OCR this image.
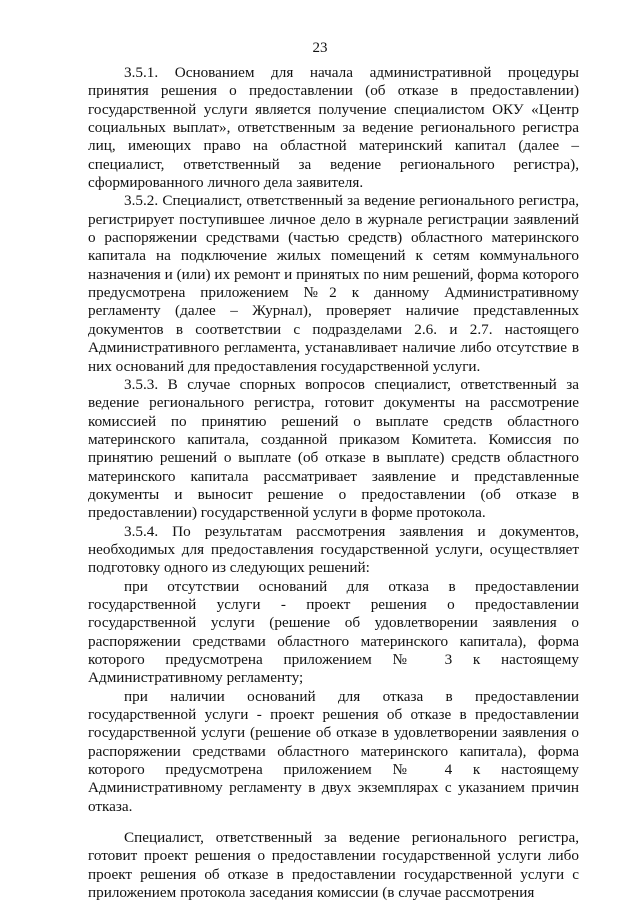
23

3.5.1. Основанием для начала административной процедуры принятия решения о предоставлении (об отказе в предоставлении) государственной услуги является получение специалистом ОКУ «Центр социальных выплат», ответственным за ведение регионального регистра лиц, имеющих право на областной материнский капитал (далее – специалист, ответственный за ведение регионального регистра), сформированного личного дела заявителя.

3.5.2. Специалист, ответственный за ведение регионального регистра, регистрирует поступившее личное дело в журнале регистрации заявлений о распоряжении средствами (частью средств) областного материнского капитала на подключение жилых помещений к сетям коммунального назначения и (или) их ремонт и принятых по ним решений, форма которого предусмотрена приложением №2 к данному Административному регламенту (далее – Журнал), проверяет наличие представленных документов в соответствии с подразделами 2.6. и 2.7. настоящего Административного регламента, устанавливает наличие либо отсутствие в них оснований для предоставления государственной услуги.

3.5.3. В случае спорных вопросов специалист, ответственный за ведение регионального регистра, готовит документы на рассмотрение комиссией по принятию решений о выплате средств областного материнского капитала, созданной приказом Комитета. Комиссия по принятию решений о выплате (об отказе в выплате) средств областного материнского капитала рассматривает заявление и представленные документы и выносит решение о предоставлении (об отказе в предоставлении) государственной услуги в форме протокола.

3.5.4. По результатам рассмотрения заявления и документов, необходимых для предоставления государственной услуги, осуществляет подготовку одного из следующих решений:

при отсутствии оснований для отказа в предоставлении государственной услуги - проект решения о предоставлении государственной услуги (решение об удовлетворении заявления о распоряжении средствами областного материнского капитала), форма которого предусмотрена приложением № 3 к настоящему Административному регламенту;

при наличии оснований для отказа в предоставлении государственной услуги - проект решения об отказе в предоставлении государственной услуги (решение об отказе в удовлетворении заявления о распоряжении средствами областного материнского капитала), форма которого предусмотрена приложением № 4 к настоящему Административному регламенту в двух экземплярах с указанием причин отказа.

Специалист, ответственный за ведение регионального регистра, готовит проект решения о предоставлении государственной услуги либо проект решения об отказе в предоставлении государственной услуги с приложением протокола заседания комиссии (в случае рассмотрения
